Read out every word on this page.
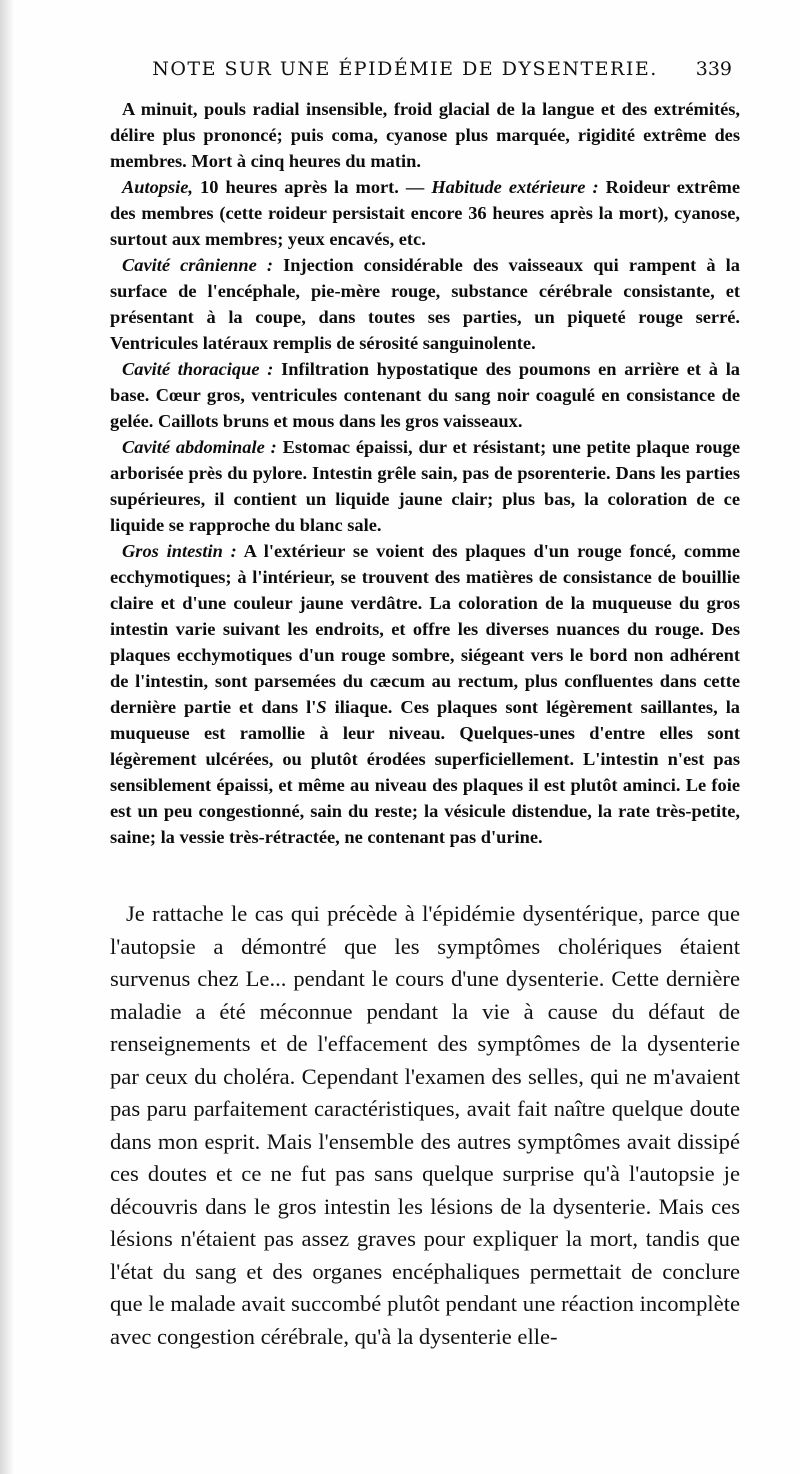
NOTE SUR UNE ÉPIDÉMIE DE DYSENTERIE.	339

A minuit, pouls radial insensible, froid glacial de la langue et des extrémités, délire plus prononcé; puis coma, cyanose plus marquée, rigidité extrême des membres. Mort à cinq heures du matin.

Autopsie, 10 heures après la mort. — Habitude extérieure : Roideur extrême des membres (cette roideur persistait encore 36 heures après la mort), cyanose, surtout aux membres; yeux encavés, etc.

Cavité crânienne : Injection considérable des vaisseaux qui rampent à la surface de l'encéphale, pie-mère rouge, substance cérébrale consistante, et présentant à la coupe, dans toutes ses parties, un piqueté rouge serré. Ventricules latéraux remplis de sérosité sanguinolente.

Cavité thoracique : Infiltration hypostatique des poumons en arrière et à la base. Cœur gros, ventricules contenant du sang noir coagulé en consistance de gelée. Caillots bruns et mous dans les gros vaisseaux.

Cavité abdominale : Estomac épaissi, dur et résistant; une petite plaque rouge arborisée près du pylore. Intestin grêle sain, pas de psorenterie. Dans les parties supérieures, il contient un liquide jaune clair; plus bas, la coloration de ce liquide se rapproche du blanc sale.

Gros intestin : A l'extérieur se voient des plaques d'un rouge foncé, comme ecchymotiques; à l'intérieur, se trouvent des matières de consistance de bouillie claire et d'une couleur jaune verdâtre. La coloration de la muqueuse du gros intestin varie suivant les endroits, et offre les diverses nuances du rouge. Des plaques ecchymotiques d'un rouge sombre, siégeant vers le bord non adhérent de l'intestin, sont parsemées du cæcum au rectum, plus confluentes dans cette dernière partie et dans l'S iliaque. Ces plaques sont légèrement saillantes, la muqueuse est ramollie à leur niveau. Quelques-unes d'entre elles sont légèrement ulcérées, ou plutôt érodées superficiellement. L'intestin n'est pas sensiblement épaissi, et même au niveau des plaques il est plutôt aminci. Le foie est un peu congestionné, sain du reste; la vésicule distendue, la rate très-petite, saine; la vessie très-rétractée, ne contenant pas d'urine.

Je rattache le cas qui précède à l'épidémie dysentérique, parce que l'autopsie a démontré que les symptômes cholériques étaient survenus chez Le... pendant le cours d'une dysenterie. Cette dernière maladie a été méconnue pendant la vie à cause du défaut de renseignements et de l'effacement des symptômes de la dysenterie par ceux du choléra. Cependant l'examen des selles, qui ne m'avaient pas paru parfaitement caractéristiques, avait fait naître quelque doute dans mon esprit. Mais l'ensemble des autres symptômes avait dissipé ces doutes et ce ne fut pas sans quelque surprise qu'à l'autopsie je découvris dans le gros intestin les lésions de la dysenterie. Mais ces lésions n'étaient pas assez graves pour expliquer la mort, tandis que l'état du sang et des organes encéphaliques permettait de conclure que le malade avait succombé plutôt pendant une réaction incomplète avec congestion cérébrale, qu'à la dysenterie elle-
